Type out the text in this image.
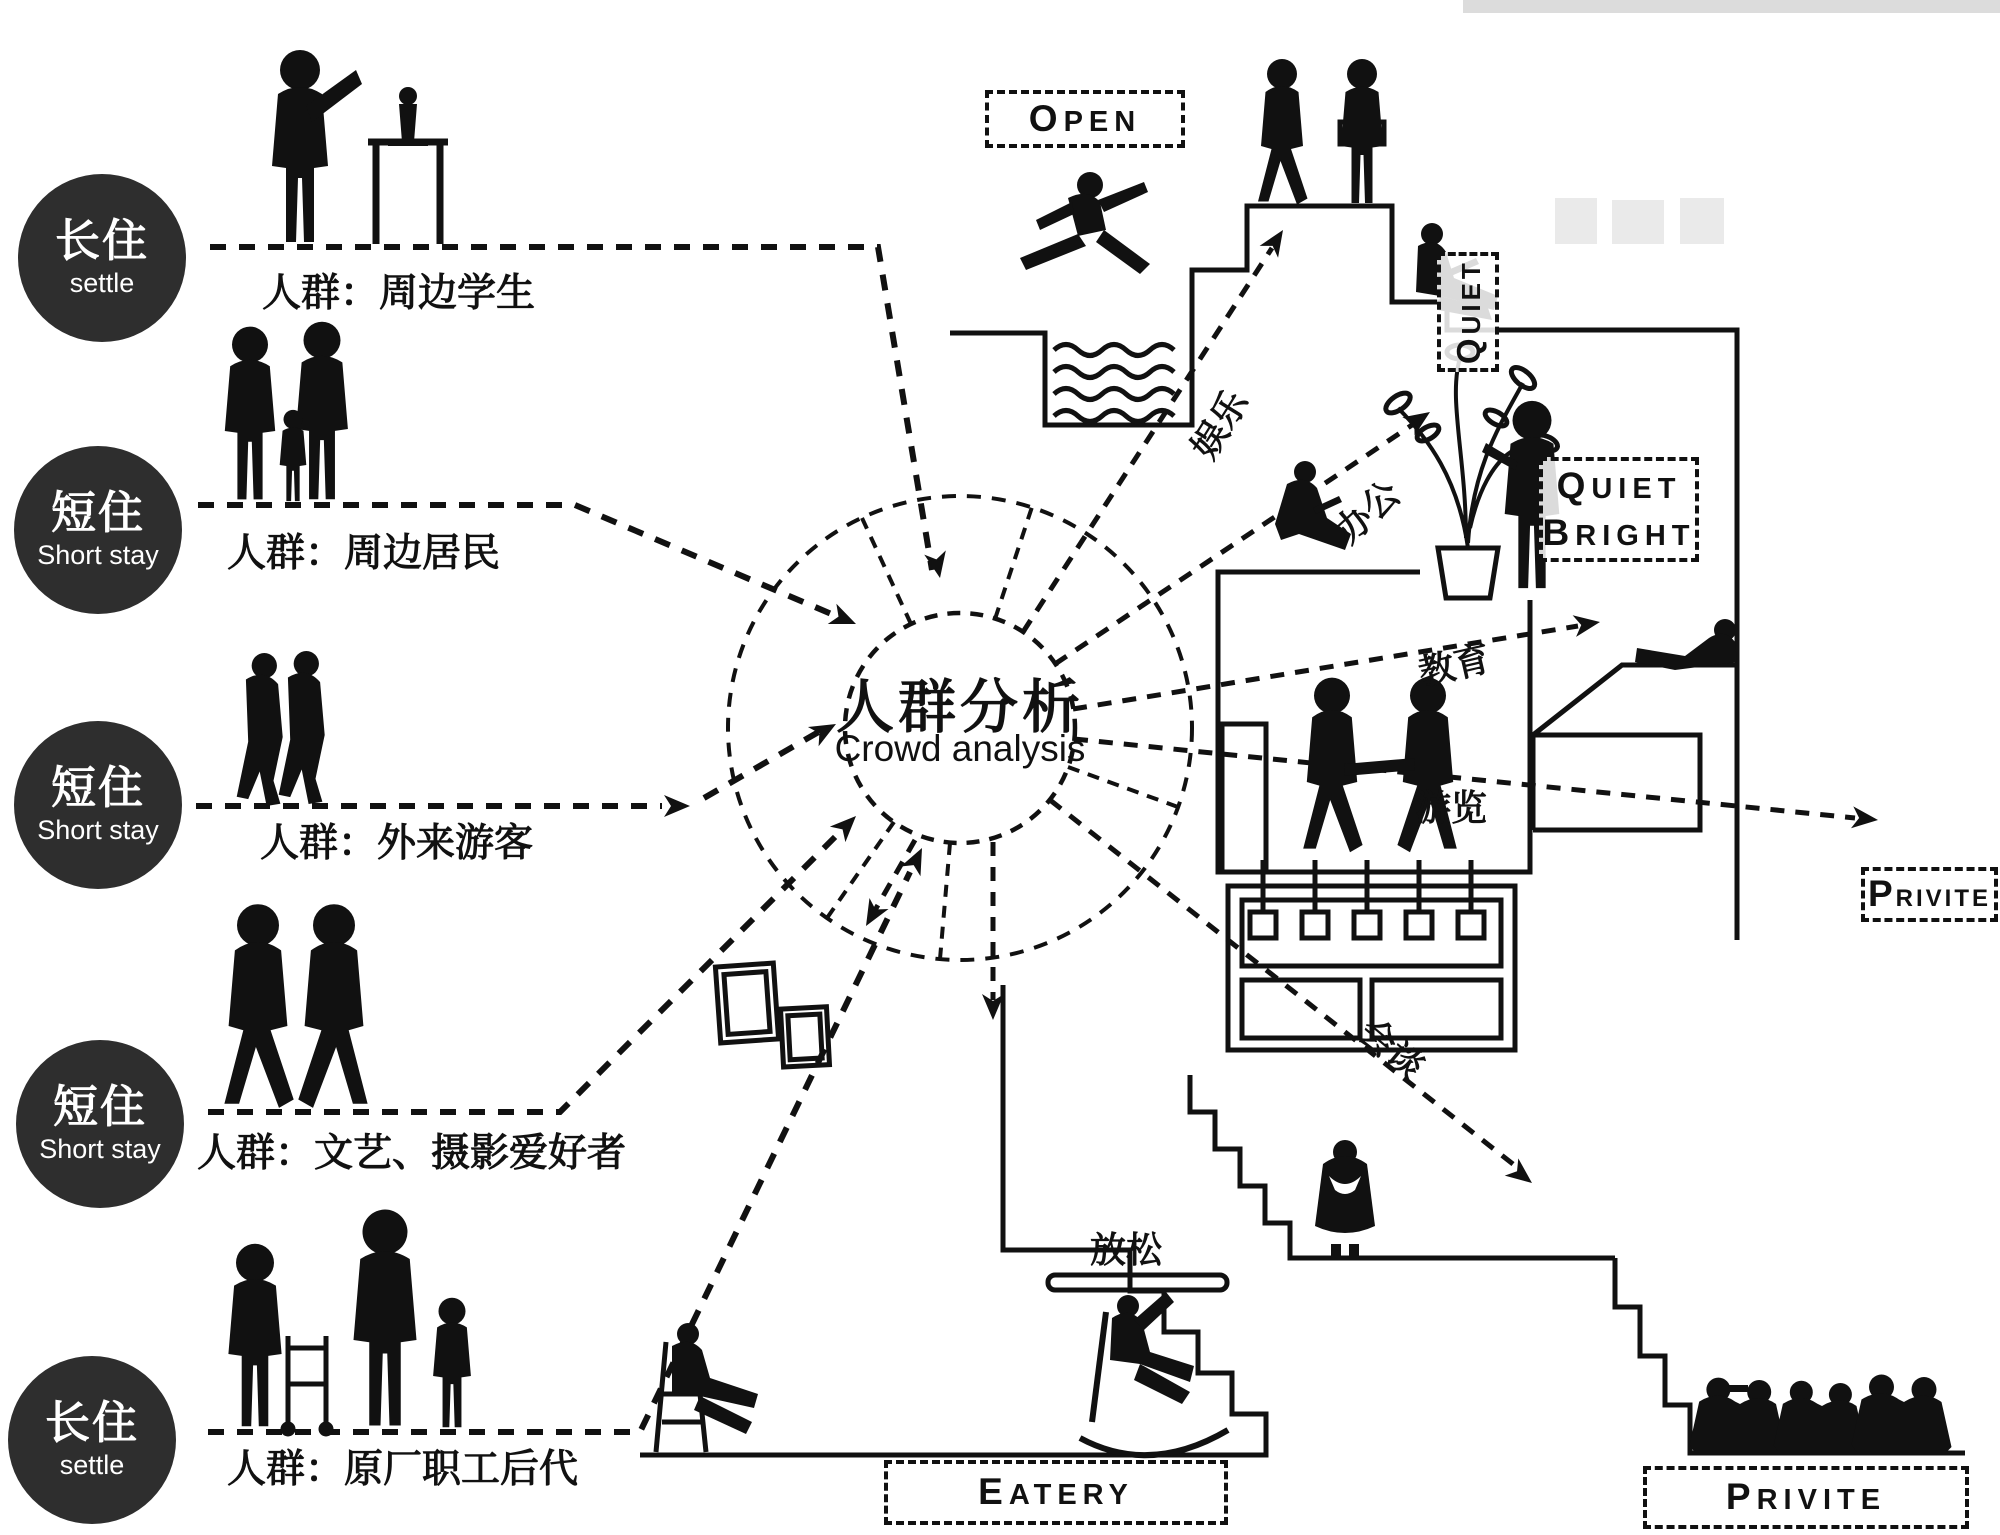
长住
settle
短住
Short stay
短住
Short stay
短住
Short stay
长住
settle
人群：周边学生
人群：周边居民
人群：外来游客
人群：文艺、摄影爱好者
人群：原厂职工后代
人群分析
Crowd analysis
娱乐
办公
教育
游览
会谈
放松
OPEN
QUIET
QUIET
BRIGHT
PRIVITE
EATERY	PRIVITE
